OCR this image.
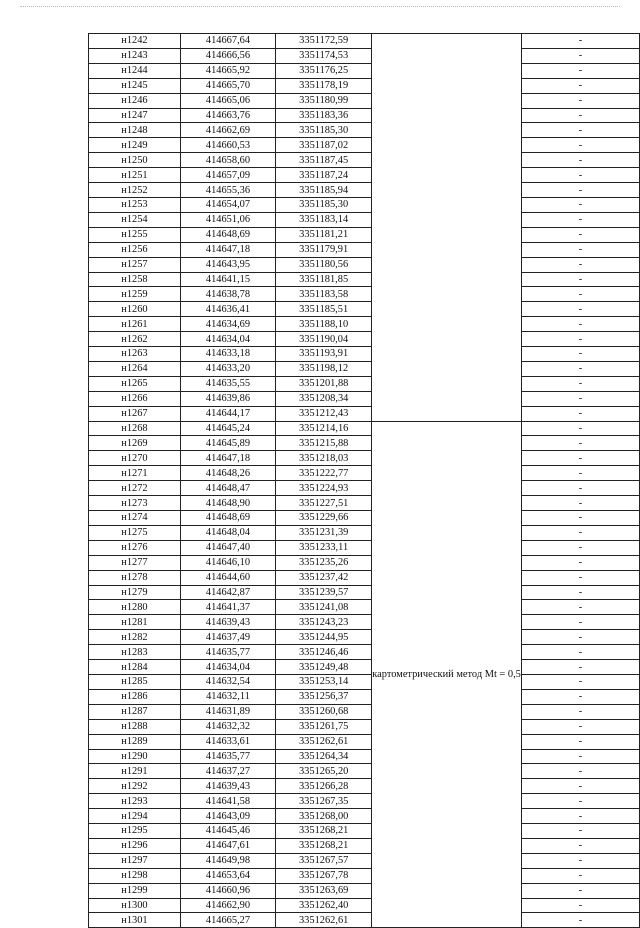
н1242	414667,64	3351172,59		-
н1243	414666,56	3351174,53		-
н1244	414665,92	3351176,25		-
н1245	414665,70	3351178,19		-
н1246	414665,06	3351180,99		-
н1247	414663,76	3351183,36		-
н1248	414662,69	3351185,30		-
н1249	414660,53	3351187,02		-
н1250	414658,60	3351187,45		-
н1251	414657,09	3351187,24		-
н1252	414655,36	3351185,94		-
н1253	414654,07	3351185,30		-
н1254	414651,06	3351183,14		-
н1255	414648,69	3351181,21		-
н1256	414647,18	3351179,91		-
н1257	414643,95	3351180,56		-
н1258	414641,15	3351181,85		-
н1259	414638,78	3351183,58		-
н1260	414636,41	3351185,51		-
н1261	414634,69	3351188,10		-
н1262	414634,04	3351190,04		-
н1263	414633,18	3351193,91		-
н1264	414633,20	3351198,12		-
н1265	414635,55	3351201,88		-
н1266	414639,86	3351208,34		-
н1267	414644,17	3351212,43		-
н1268	414645,24	3351214,16	картометрический метод Mt = 0,5	-
н1269	414645,89	3351215,88		-
н1270	414647,18	3351218,03		-
н1271	414648,26	3351222,77		-
н1272	414648,47	3351224,93		-
н1273	414648,90	3351227,51		-
н1274	414648,69	3351229,66		-
н1275	414648,04	3351231,39		-
н1276	414647,40	3351233,11		-
н1277	414646,10	3351235,26		-
н1278	414644,60	3351237,42		-
н1279	414642,87	3351239,57		-
н1280	414641,37	3351241,08		-
н1281	414639,43	3351243,23		-
н1282	414637,49	3351244,95		-
н1283	414635,77	3351246,46		-
н1284	414634,04	3351249,48		-
н1285	414632,54	3351253,14		-
н1286	414632,11	3351256,37		-
н1287	414631,89	3351260,68		-
н1288	414632,32	3351261,75		-
н1289	414633,61	3351262,61		-
н1290	414635,77	3351264,34		-
н1291	414637,27	3351265,20		-
н1292	414639,43	3351266,28		-
н1293	414641,58	3351267,35		-
н1294	414643,09	3351268,00		-
н1295	414645,46	3351268,21		-
н1296	414647,61	3351268,21		-
н1297	414649,98	3351267,57		-
н1298	414653,64	3351267,78		-
н1299	414660,96	3351263,69		-
н1300	414662,90	3351262,40		-
н1301	414665,27	3351262,61		-
